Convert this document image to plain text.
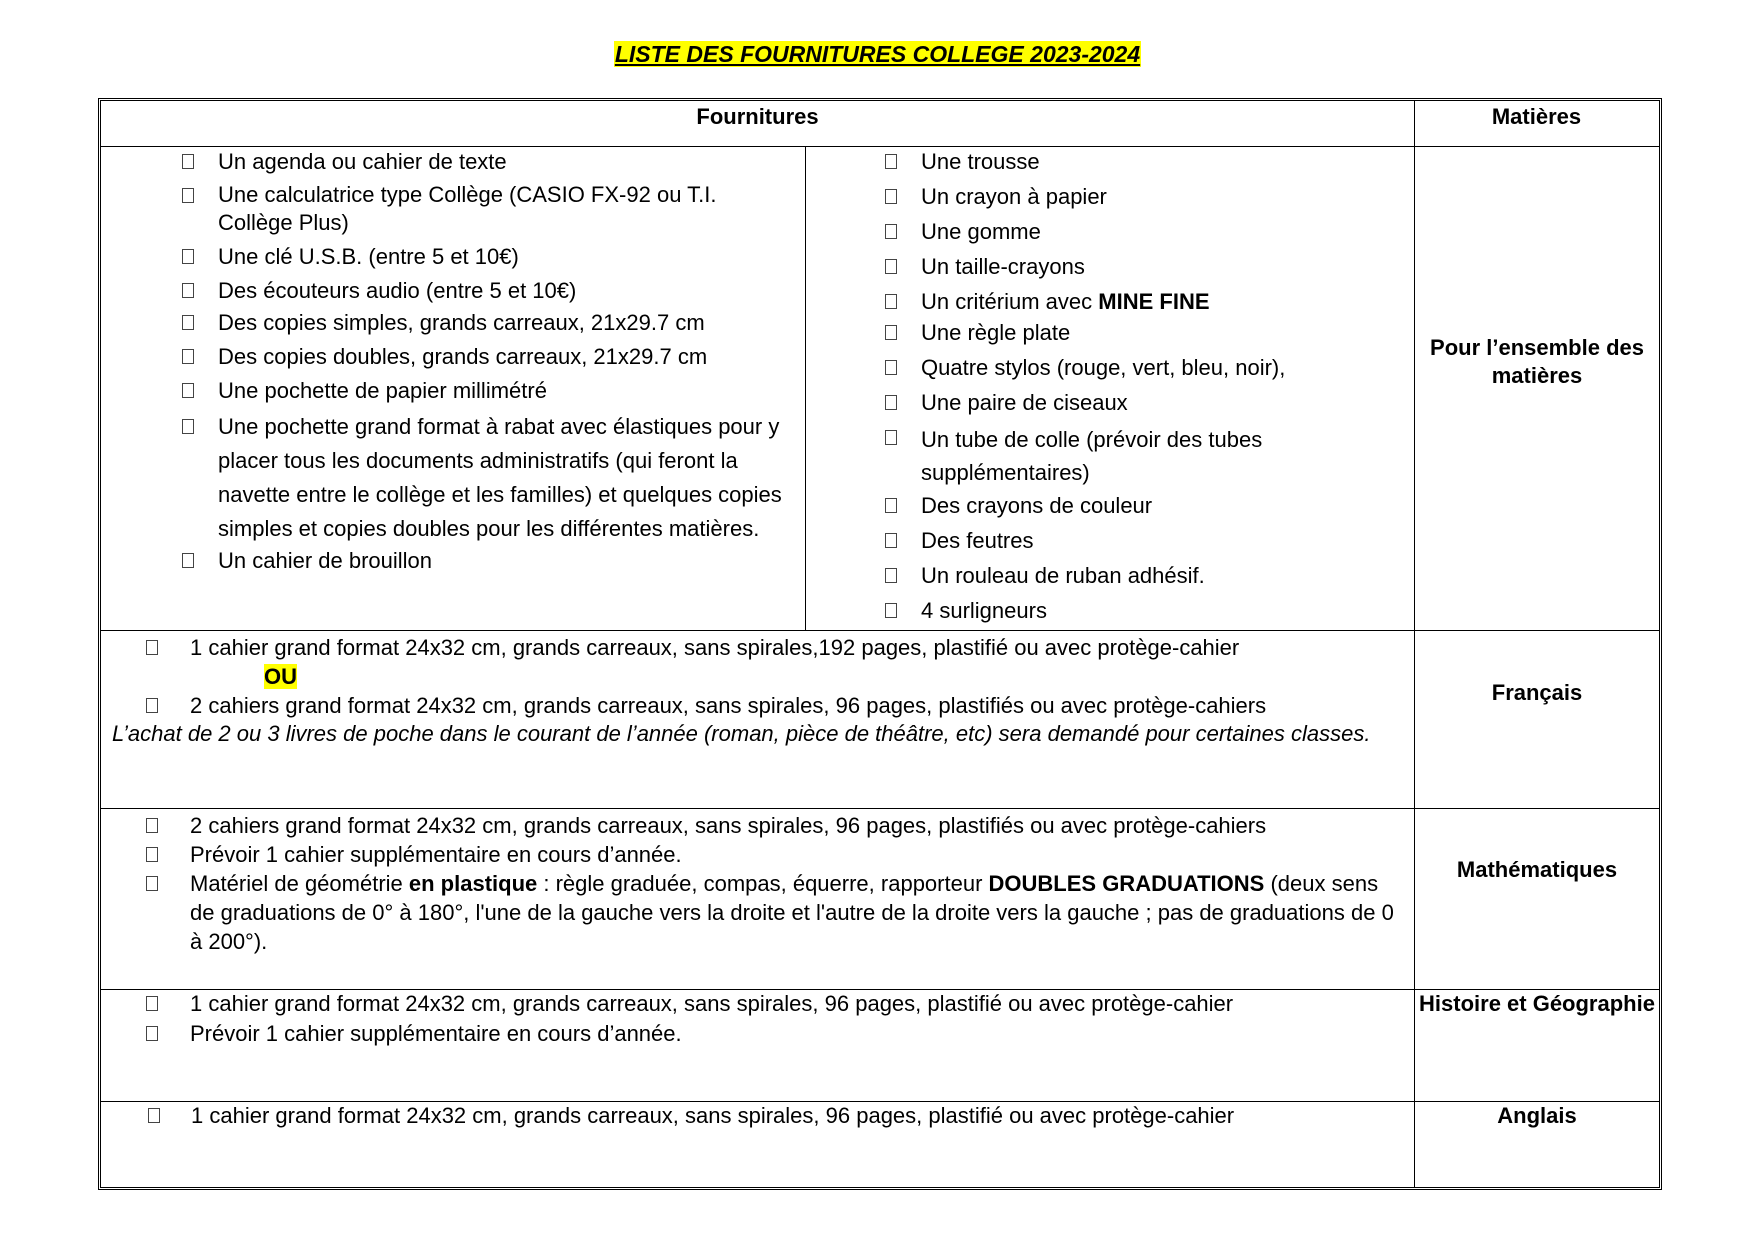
LISTE DES FOURNITURES COLLEGE 2023-2024
Fournitures	Matières
Un agenda ou cahier de texte
Une calculatrice type Collège (CASIO FX-92 ou T.I. Collège Plus)
Une clé U.S.B. (entre 5 et 10€)
Des écouteurs audio (entre 5 et 10€)
Des copies simples, grands carreaux, 21x29.7 cm
Des copies doubles, grands carreaux, 21x29.7 cm
Une pochette de papier millimétré
Une pochette grand format à rabat avec élastiques pour y placer tous les documents administratifs (qui feront la navette entre le collège et les familles) et quelques copies simples et copies doubles pour les différentes matières.
Un cahier de brouillon
Une trousse
Un crayon à papier
Une gomme
Un taille-crayons
Un critérium avec MINE FINE
Une règle plate
Quatre stylos (rouge, vert, bleu, noir),
Une paire de ciseaux
Un tube de colle (prévoir des tubes supplémentaires)
Des crayons de couleur
Des feutres
Un rouleau de ruban adhésif.
4 surligneurs
Pour l’ensemble des matières
1 cahier grand format 24x32 cm, grands carreaux, sans spirales,192 pages, plastifié ou avec protège-cahier
OU
2 cahiers grand format 24x32 cm, grands carreaux, sans spirales, 96 pages, plastifiés ou avec protège-cahiers
L’achat de 2 ou 3 livres de poche dans le courant de l’année (roman, pièce de théâtre, etc) sera demandé pour certaines classes.
Français
2 cahiers grand format 24x32 cm, grands carreaux, sans spirales, 96 pages, plastifiés ou avec protège-cahiers
Prévoir 1 cahier supplémentaire en cours d’année.
Matériel de géométrie en plastique : règle graduée, compas, équerre, rapporteur DOUBLES GRADUATIONS (deux sens de graduations de 0° à 180°, l'une de la gauche vers la droite et l'autre de la droite vers la gauche ; pas de graduations de 0 à 200°).
Mathématiques
1 cahier grand format 24x32 cm, grands carreaux, sans spirales, 96 pages, plastifié ou avec protège-cahier
Prévoir 1 cahier supplémentaire en cours d’année.
Histoire et Géographie
1 cahier grand format 24x32 cm, grands carreaux, sans spirales, 96 pages, plastifié ou avec protège-cahier	Anglais
